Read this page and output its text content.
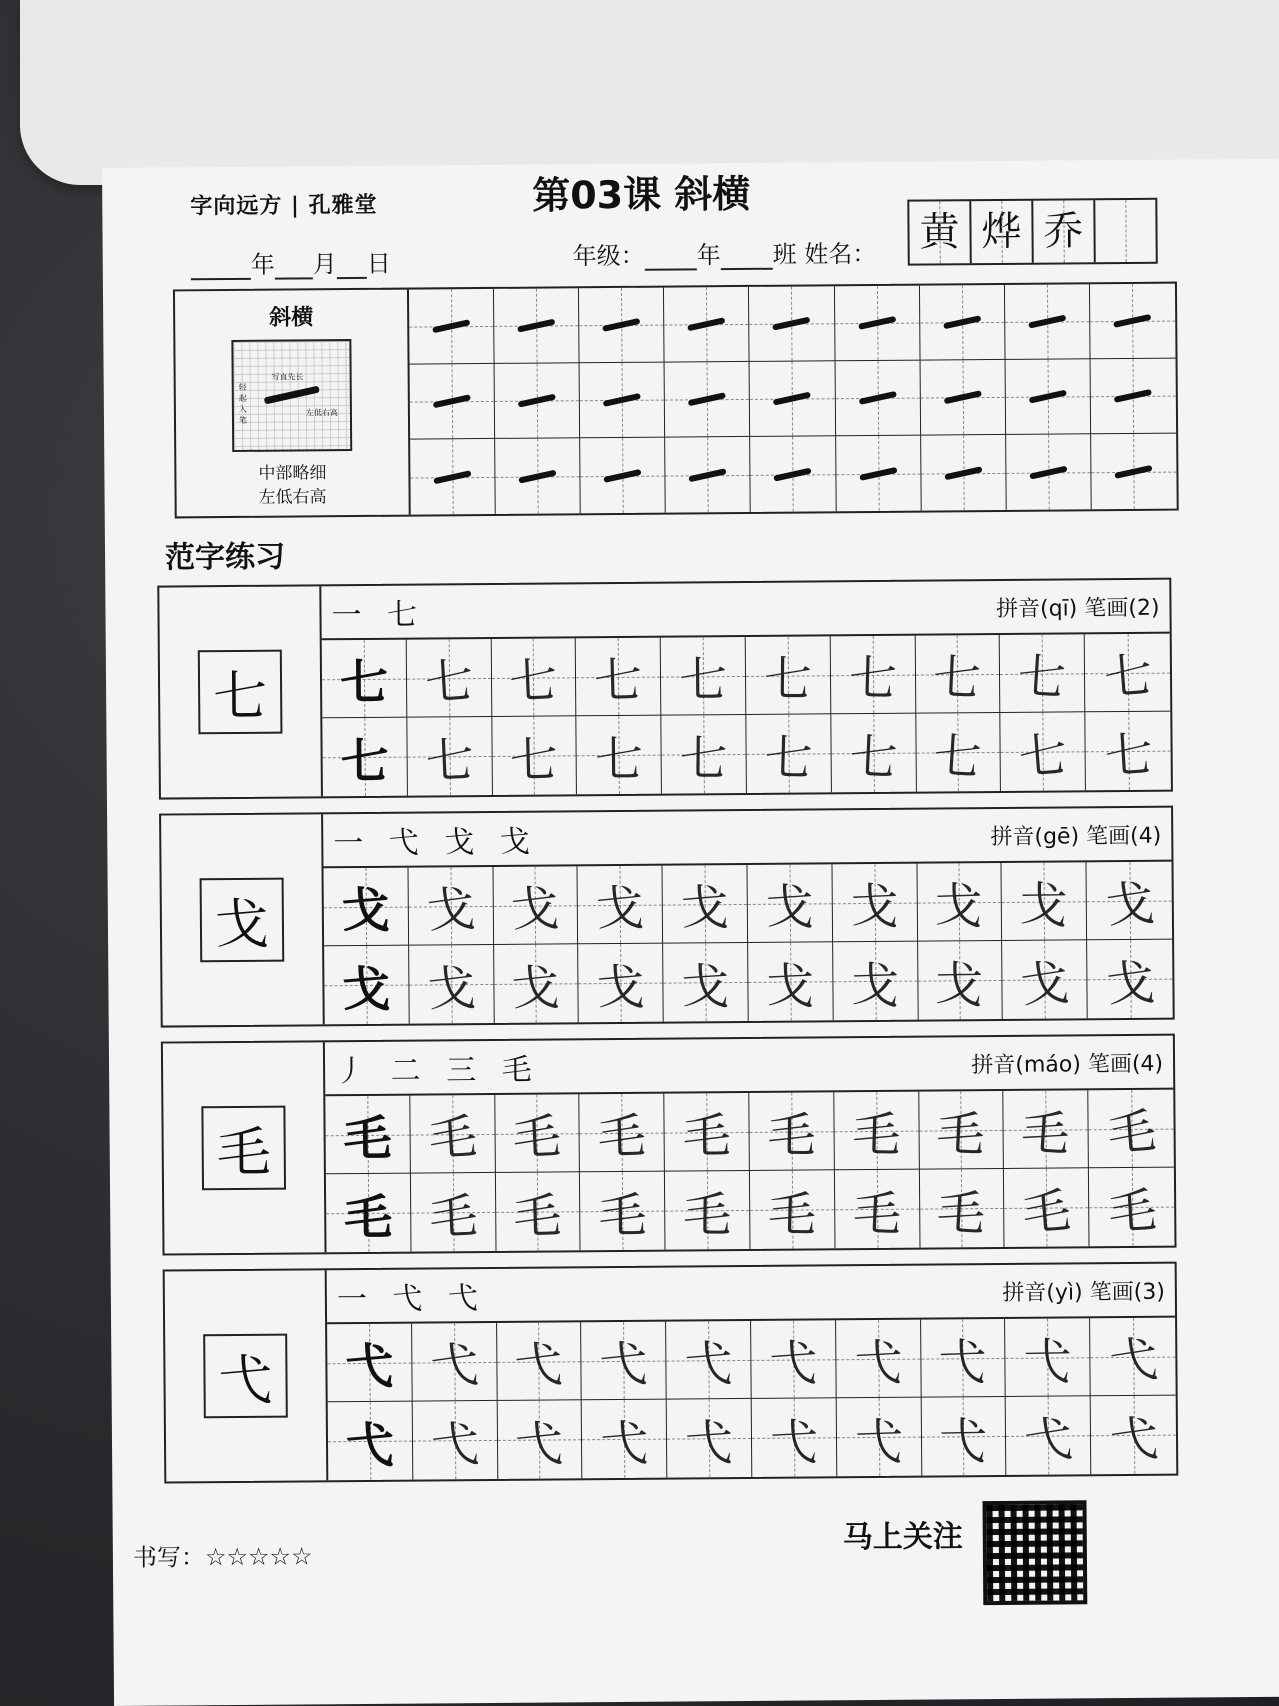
字向远方 | 孔雅堂	第03课 斜横
年 月 日	年级： 年 班 姓名： 黄 烨 乔
斜横
写直先长
轻起入笔
左低右高
中部略细
左低右高
范字练习
七
一 七	拼音(qī) 笔画(2)
七 七 七 七 七 七 七 七 七 七
七 七 七 七 七 七 七 七 七 七
戈
一 弋 戈 戈	拼音(gē) 笔画(4)
戈 戈 戈 戈 戈 戈 戈 戈 戈 戈
戈 戈 戈 戈 戈 戈 戈 戈 戈 戈
毛
丿 二 三 毛	拼音(máo) 笔画(4)
毛 毛 毛 毛 毛 毛 毛 毛 毛 毛
毛 毛 毛 毛 毛 毛 毛 毛 毛 毛
弋
一 弋 弋	拼音(yì) 笔画(3)
弋 弋 弋 弋 弋 弋 弋 弋 弋 弋
弋 弋 弋 弋 弋 弋 弋 弋 弋 弋
书写：☆☆☆☆☆
马上关注
